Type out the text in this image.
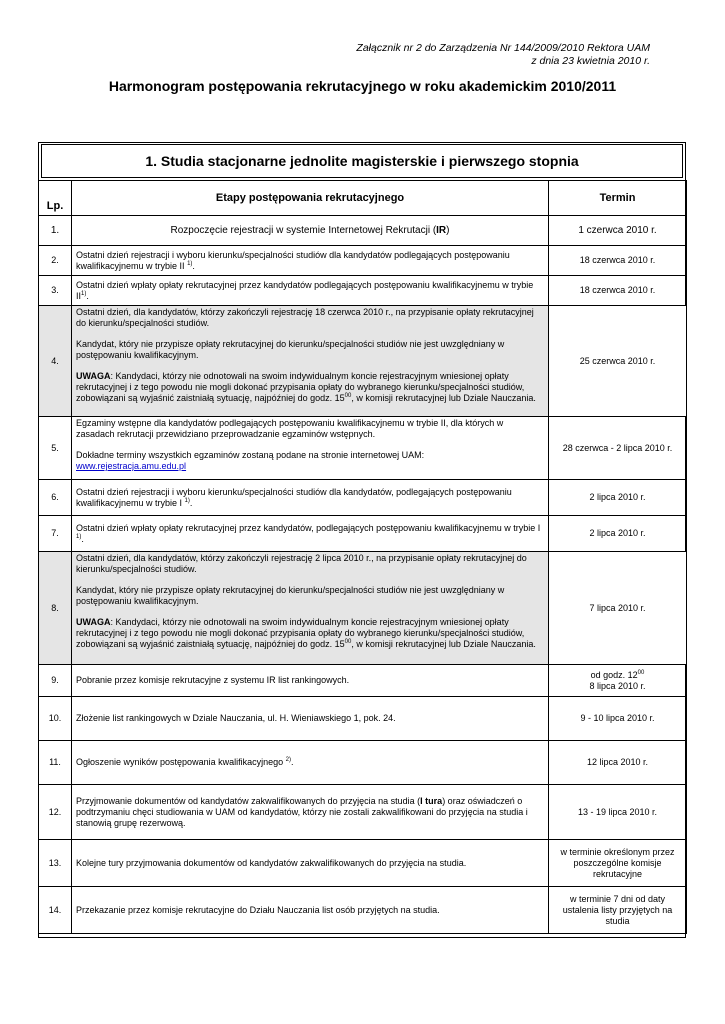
Załącznik nr 2 do Zarządzenia Nr 144/2009/2010 Rektora UAM
z dnia 23 kwietnia 2010 r.
Harmonogram postępowania rekrutacyjnego w roku akademickim 2010/2011
1. Studia stacjonarne jednolite magisterskie i pierwszego stopnia
Lp.	Etapy postępowania rekrutacyjnego	Termin
1.	Rozpoczęcie rejestracji w systemie Internetowej Rekrutacji (IR)	1 czerwca 2010 r.
2.	Ostatni dzień rejestracji i wyboru kierunku/specjalności studiów dla kandydatów podlegających postępowaniu kwalifikacyjnemu w trybie II $^{1)}$.	18 czerwca 2010 r.
3.	Ostatni dzień wpłaty opłaty rekrutacyjnej przez kandydatów podlegających postępowaniu kwalifikacyjnemu w trybie II$^{1)}$.	18 czerwca 2010 r.
4.	Ostatni dzień, dla kandydatów, którzy zakończyli rejestrację 18 czerwca 2010 r., na przypisanie opłaty rekrutacyjnej do kierunku/specjalności studiów.
Kandydat, który nie przypisze opłaty rekrutacyjnej do kierunku/specjalności studiów nie jest uwzględniany w postępowaniu kwalifikacyjnym.
UWAGA: Kandydaci, którzy nie odnotowali na swoim indywidualnym koncie rejestracyjnym wniesionej opłaty rekrutacyjnej i z tego powodu nie mogli dokonać przypisania opłaty do wybranego kierunku/specjalności studiów, zobowiązani są wyjaśnić zaistniałą sytuację, najpóźniej do godz. $15^{00}$, w komisji rekrutacyjnej lub Dziale Nauczania.	25 czerwca 2010 r.
5.	Egzaminy wstępne dla kandydatów podlegających postępowaniu kwalifikacyjnemu w trybie II, dla których w zasadach rekrutacji przewidziano przeprowadzanie egzaminów wstępnych.
Dokładne terminy wszystkich egzaminów zostaną podane na stronie internetowej UAM:
www.rejestracja.amu.edu.pl	28 czerwca - 2 lipca 2010 r.
6.	Ostatni dzień rejestracji i wyboru kierunku/specjalności studiów dla kandydatów, podlegających postępowaniu kwalifikacyjnemu w trybie I $^{1)}$.	2 lipca 2010 r.
7.	Ostatni dzień wpłaty opłaty rekrutacyjnej przez kandydatów, podlegających postępowaniu kwalifikacyjnemu w trybie I $^{1)}$.	2 lipca 2010 r.
8.	Ostatni dzień, dla kandydatów, którzy zakończyli rejestrację 2 lipca 2010 r., na przypisanie opłaty rekrutacyjnej do kierunku/specjalności studiów.
Kandydat, który nie przypisze opłaty rekrutacyjnej do kierunku/specjalności studiów nie jest uwzględniany w postępowaniu kwalifikacyjnym.
UWAGA: Kandydaci, którzy nie odnotowali na swoim indywidualnym koncie rejestracyjnym wniesionej opłaty rekrutacyjnej i z tego powodu nie mogli dokonać przypisania opłaty do wybranego kierunku/specjalności studiów, zobowiązani są wyjaśnić zaistniałą sytuację, najpóźniej do godz. $15^{00}$, w komisji rekrutacyjnej lub Dziale Nauczania.	7 lipca 2010 r.
9.	Pobranie przez komisje rekrutacyjne z systemu IR list rankingowych.	od godz. $12^{00}$
8 lipca 2010 r.
10.	Złożenie list rankingowych w Dziale Nauczania, ul. H. Wieniawskiego 1, pok. 24.	9 - 10 lipca 2010 r.
11.	Ogłoszenie wyników postępowania kwalifikacyjnego $^{2)}$.	12 lipca 2010 r.
12.	Przyjmowanie dokumentów od kandydatów zakwalifikowanych do przyjęcia na studia (I tura) oraz oświadczeń o podtrzymaniu chęci studiowania w UAM od kandydatów, którzy nie zostali zakwalifikowani do przyjęcia na studia i stanowią grupę rezerwową.	13 - 19 lipca 2010 r.
13.	Kolejne tury przyjmowania dokumentów od kandydatów zakwalifikowanych do przyjęcia na studia.	w terminie określonym przez poszczególne komisje rekrutacyjne
14.	Przekazanie przez komisje rekrutacyjne do Działu Nauczania list osób przyjętych na studia.	w terminie 7 dni od daty ustalenia listy przyjętych na studia
